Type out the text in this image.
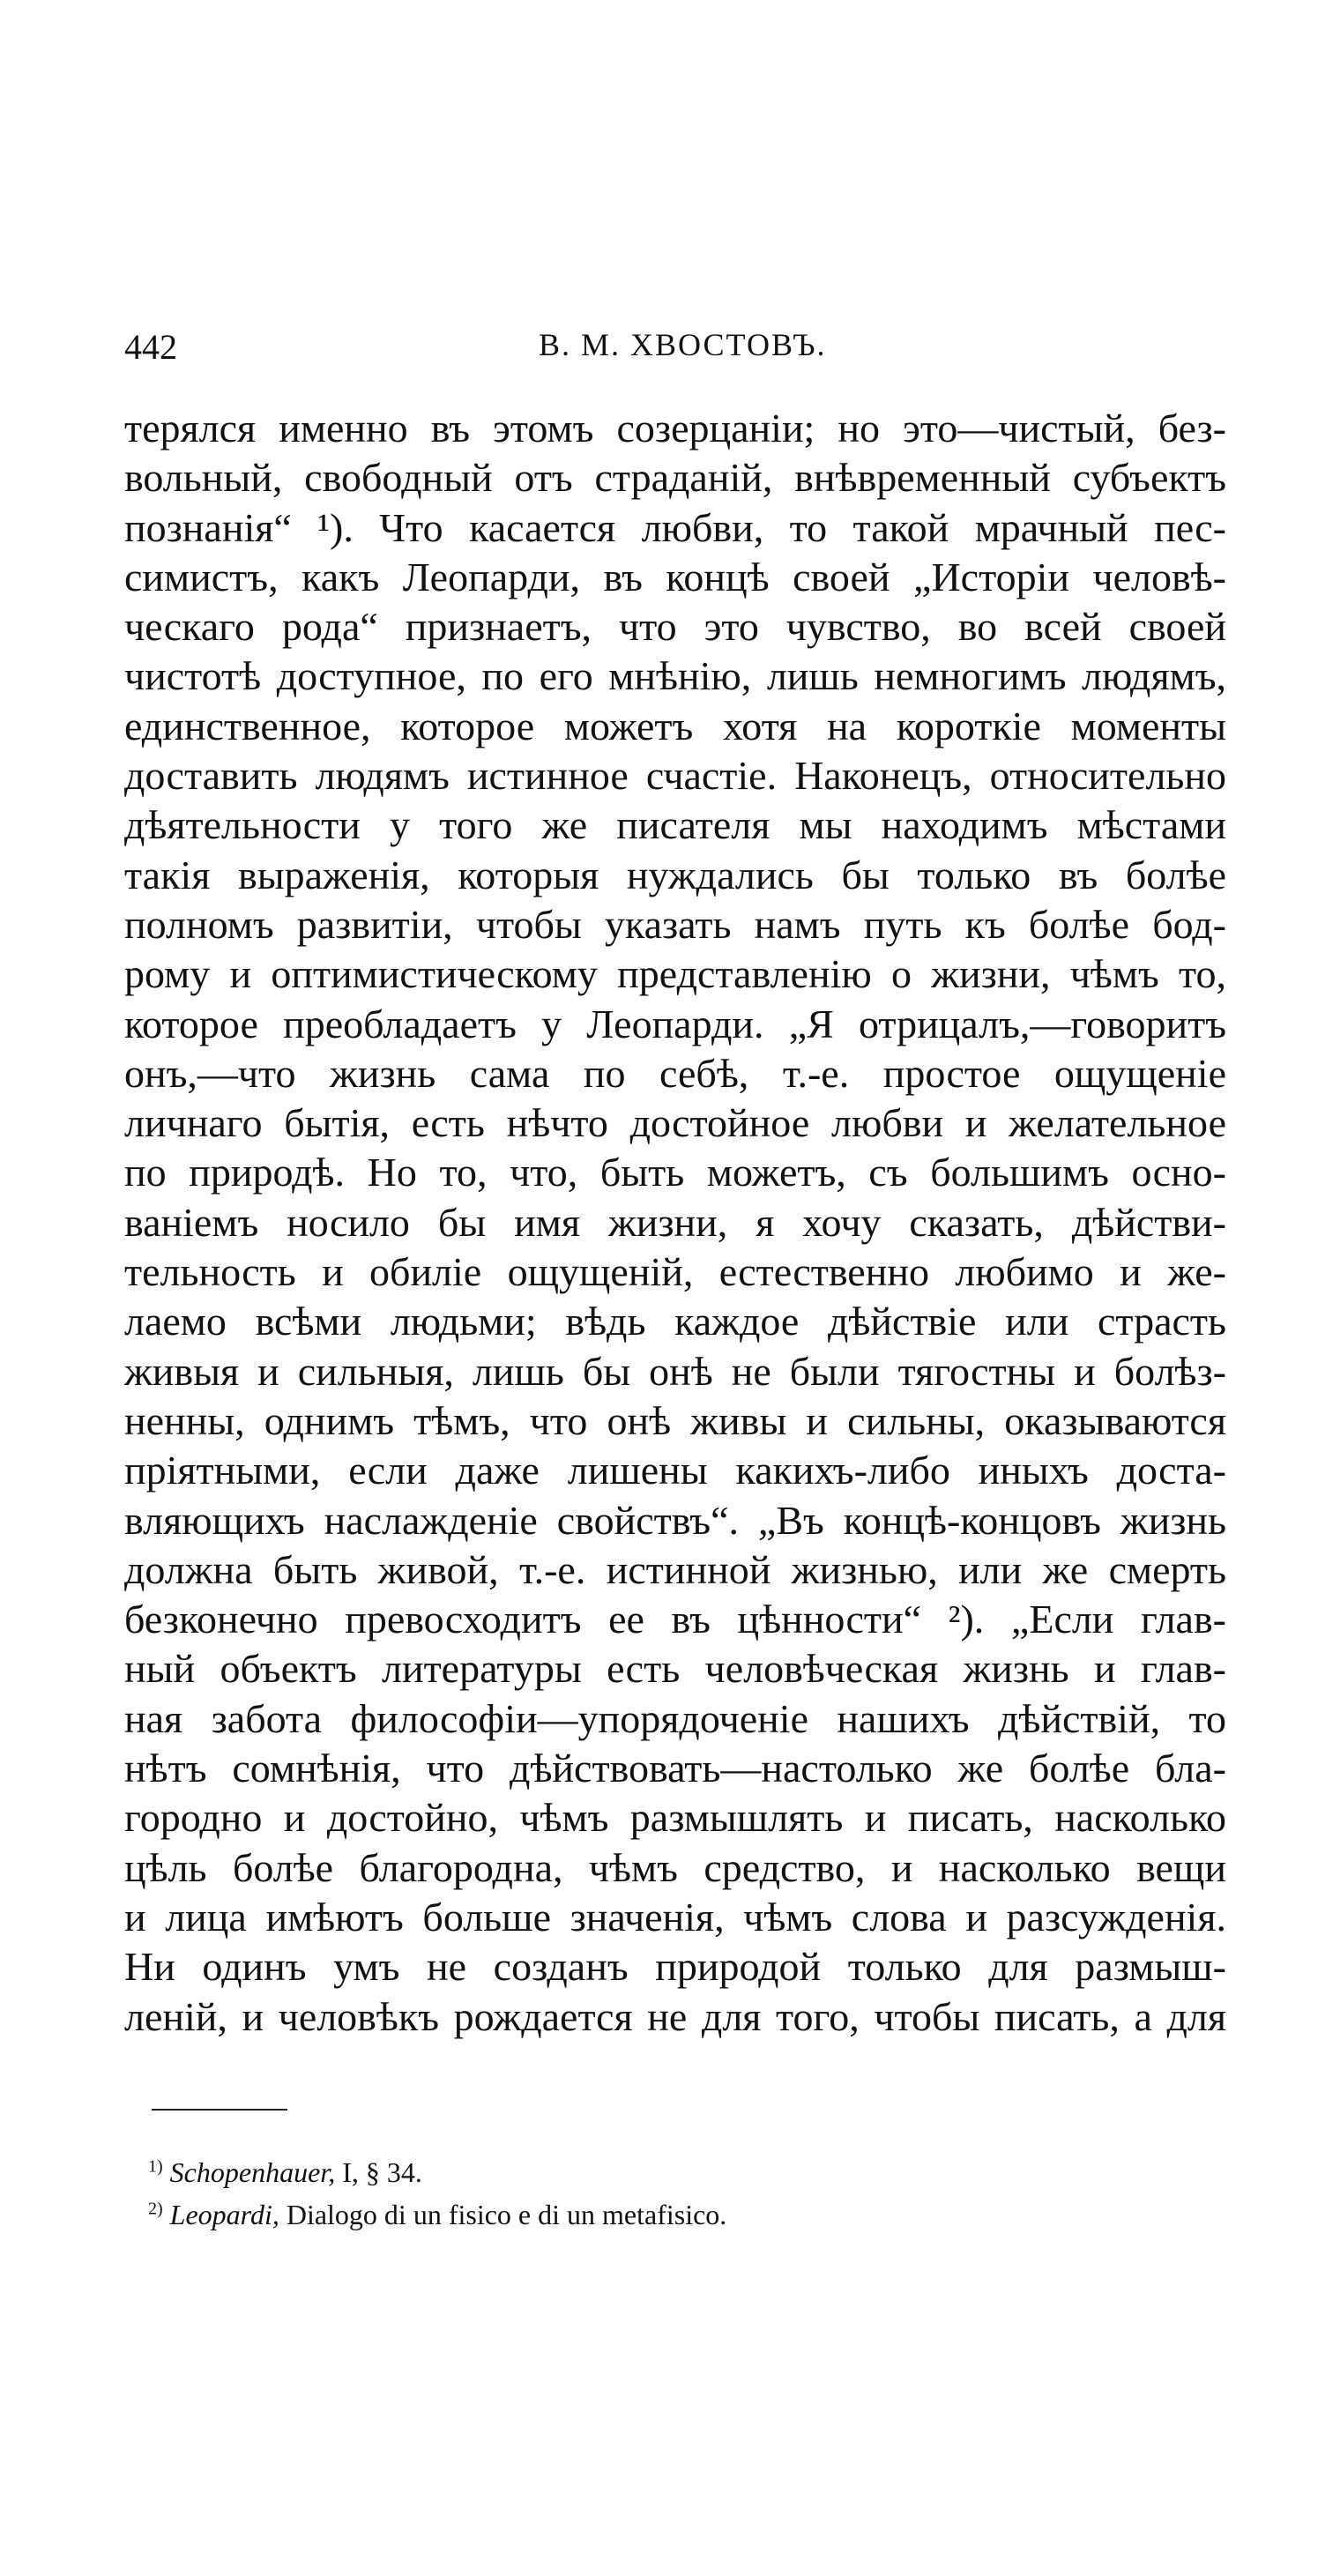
442	В. М. ХВОСТОВЪ.
терялся именно въ этомъ созерцаніи; но это—чистый, без-
вольный, свободный отъ страданій, внѣвременный субъектъ
познанія“ ¹). Что касается любви, то такой мрачный пес-
симистъ, какъ Леопарди, въ концѣ своей „Исторіи человѣ-
ческаго рода“ признаетъ, что это чувство, во всей своей
чистотѣ доступное, по его мнѣнію, лишь немногимъ людямъ,
единственное, которое можетъ хотя на короткіе моменты
доставить людямъ истинное счастіе. Наконецъ, относительно
дѣятельности у того же писателя мы находимъ мѣстами
такія выраженія, которыя нуждались бы только въ болѣе
полномъ развитіи, чтобы указать намъ путь къ болѣе бод-
рому и оптимистическому представленію о жизни, чѣмъ то,
которое преобладаетъ у Леопарди. „Я отрицалъ,—говоритъ
онъ,—что жизнь сама по себѣ, т.-е. простое ощущеніе
личнаго бытія, есть нѣчто достойное любви и желательное
по природѣ. Но то, что, быть можетъ, съ большимъ осно-
ваніемъ носило бы имя жизни, я хочу сказать, дѣйстви-
тельность и обиліе ощущеній, естественно любимо и же-
лаемо всѣми людьми; вѣдь каждое дѣйствіе или страсть
живыя и сильныя, лишь бы онѣ не были тягостны и болѣз-
ненны, однимъ тѣмъ, что онѣ живы и сильны, оказываются
пріятными, если даже лишены какихъ-либо иныхъ доста-
вляющихъ наслажденіе свойствъ“. „Въ концѣ-концовъ жизнь
должна быть живой, т.-е. истинной жизнью, или же смерть
безконечно превосходитъ ее въ цѣнности“ ²). „Если глав-
ный объектъ литературы есть человѣческая жизнь и глав-
ная забота философіи—упорядоченіе нашихъ дѣйствій, то
нѣтъ сомнѣнія, что дѣйствовать—настолько же болѣе бла-
городно и достойно, чѣмъ размышлять и писать, насколько
цѣль болѣе благородна, чѣмъ средство, и насколько вещи
и лица имѣютъ больше значенія, чѣмъ слова и разсужденія.
Ни одинъ умъ не созданъ природой только для размыш-
леній, и человѣкъ рождается не для того, чтобы писать, а для
$^{1)}$ Schopenhauer, I, § 34.
$^{2)}$ Leopardi, Dialogo di un fisico e di un metafisico.
